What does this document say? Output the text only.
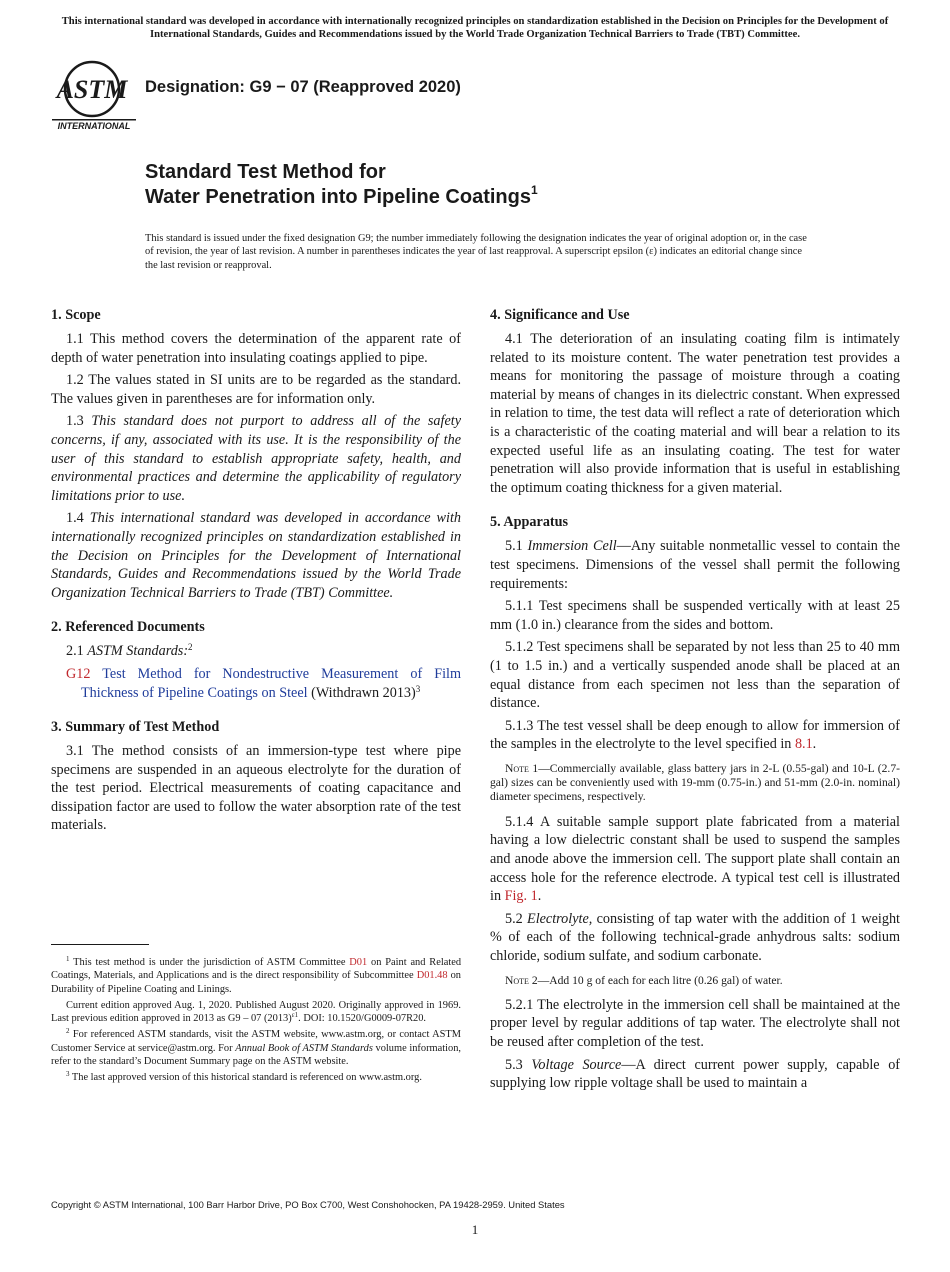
This international standard was developed in accordance with internationally recognized principles on standardization established in the Decision on Principles for the Development of International Standards, Guides and Recommendations issued by the World Trade Organization Technical Barriers to Trade (TBT) Committee.
ASTM
INTERNATIONAL
Designation: G9 − 07 (Reapproved 2020)
Standard Test Method for
Water Penetration into Pipeline Coatings$^1$
This standard is issued under the fixed designation G9; the number immediately following the designation indicates the year of original adoption or, in the case of revision, the year of last revision. A number in parentheses indicates the year of last reapproval. A superscript epsilon (ε) indicates an editorial change since the last revision or reapproval.
1. Scope

1.1 This method covers the determination of the apparent rate of depth of water penetration into insulating coatings applied to pipe.

1.2 The values stated in SI units are to be regarded as the standard. The values given in parentheses are for information only.

1.3 This standard does not purport to address all of the safety concerns, if any, associated with its use. It is the responsibility of the user of this standard to establish appropriate safety, health, and environmental practices and determine the applicability of regulatory limitations prior to use.

1.4 This international standard was developed in accordance with internationally recognized principles on standardization established in the Decision on Principles for the Development of International Standards, Guides and Recommendations issued by the World Trade Organization Technical Barriers to Trade (TBT) Committee.

2. Referenced Documents

2.1 ASTM Standards:$^2$

G12 Test Method for Nondestructive Measurement of Film Thickness of Pipeline Coatings on Steel (Withdrawn 2013)$^3$
3. Summary of Test Method

3.1 The method consists of an immersion-type test where pipe specimens are suspended in an aqueous electrolyte for the duration of the test period. Electrical measurements of coating capacitance and dissipation factor are used to follow the water absorption rate of the test materials.

4. Significance and Use

4.1 The deterioration of an insulating coating film is intimately related to its moisture content. The water penetration test provides a means for monitoring the passage of moisture through a coating material by means of changes in its dielectric constant. When expressed in relation to time, the test data will reflect a rate of deterioration which is a characteristic of the coating material and will bear a relation to its expected useful life as an insulating coating. The test for water penetration will also provide information that is useful in establishing the optimum coating thickness for a given material.

5. Apparatus

5.1 Immersion Cell—Any suitable nonmetallic vessel to contain the test specimens. Dimensions of the vessel shall permit the following requirements:

5.1.1 Test specimens shall be suspended vertically with at least 25 mm (1.0 in.) clearance from the sides and bottom.

5.1.2 Test specimens shall be separated by not less than 25 to 40 mm (1 to 1.5 in.) and a vertically suspended anode shall be placed at an equal distance from each specimen not less than the separation of distance.

5.1.3 The test vessel shall be deep enough to allow for immersion of the samples in the electrolyte to the level specified in 8.1.

Note 1—Commercially available, glass battery jars in 2-L (0.55-gal) and 10-L (2.7-gal) sizes can be conveniently used with 19-mm (0.75-in.) and 51-mm (2.0-in. nominal) diameter specimens, respectively.

5.1.4 A suitable sample support plate fabricated from a material having a low dielectric constant shall be used to suspend the samples and anode above the immersion cell. The support plate shall contain an access hole for the reference electrode. A typical test cell is illustrated in Fig. 1.

5.2 Electrolyte, consisting of tap water with the addition of 1 weight % of each of the following technical-grade anhydrous salts: sodium chloride, sodium sulfate, and sodium carbonate.

Note 2—Add 10 g of each for each litre (0.26 gal) of water.

5.2.1 The electrolyte in the immersion cell shall be maintained at the proper level by regular additions of tap water. The electrolyte shall not be reused after completion of the test.

5.3 Voltage Source—A direct current power supply, capable of supplying low ripple voltage shall be used to maintain a

$^1$ This test method is under the jurisdiction of ASTM Committee D01 on Paint and Related Coatings, Materials, and Applications and is the direct responsibility of Subcommittee D01.48 on Durability of Pipeline Coating and Linings.
Current edition approved Aug. 1, 2020. Published August 2020. Originally approved in 1969. Last previous edition approved in 2013 as G9 – 07 $(2013)^{\varepsilon 1}$. DOI: 10.1520/G0009-07R20.
$^2$ For referenced ASTM standards, visit the ASTM website, www.astm.org, or contact ASTM Customer Service at service@astm.org. For Annual Book of ASTM Standards volume information, refer to the standard’s Document Summary page on the ASTM website.
$^3$ The last approved version of this historical standard is referenced on www.astm.org.
Copyright © ASTM International, 100 Barr Harbor Drive, PO Box C700, West Conshohocken, PA 19428-2959. United States
1
